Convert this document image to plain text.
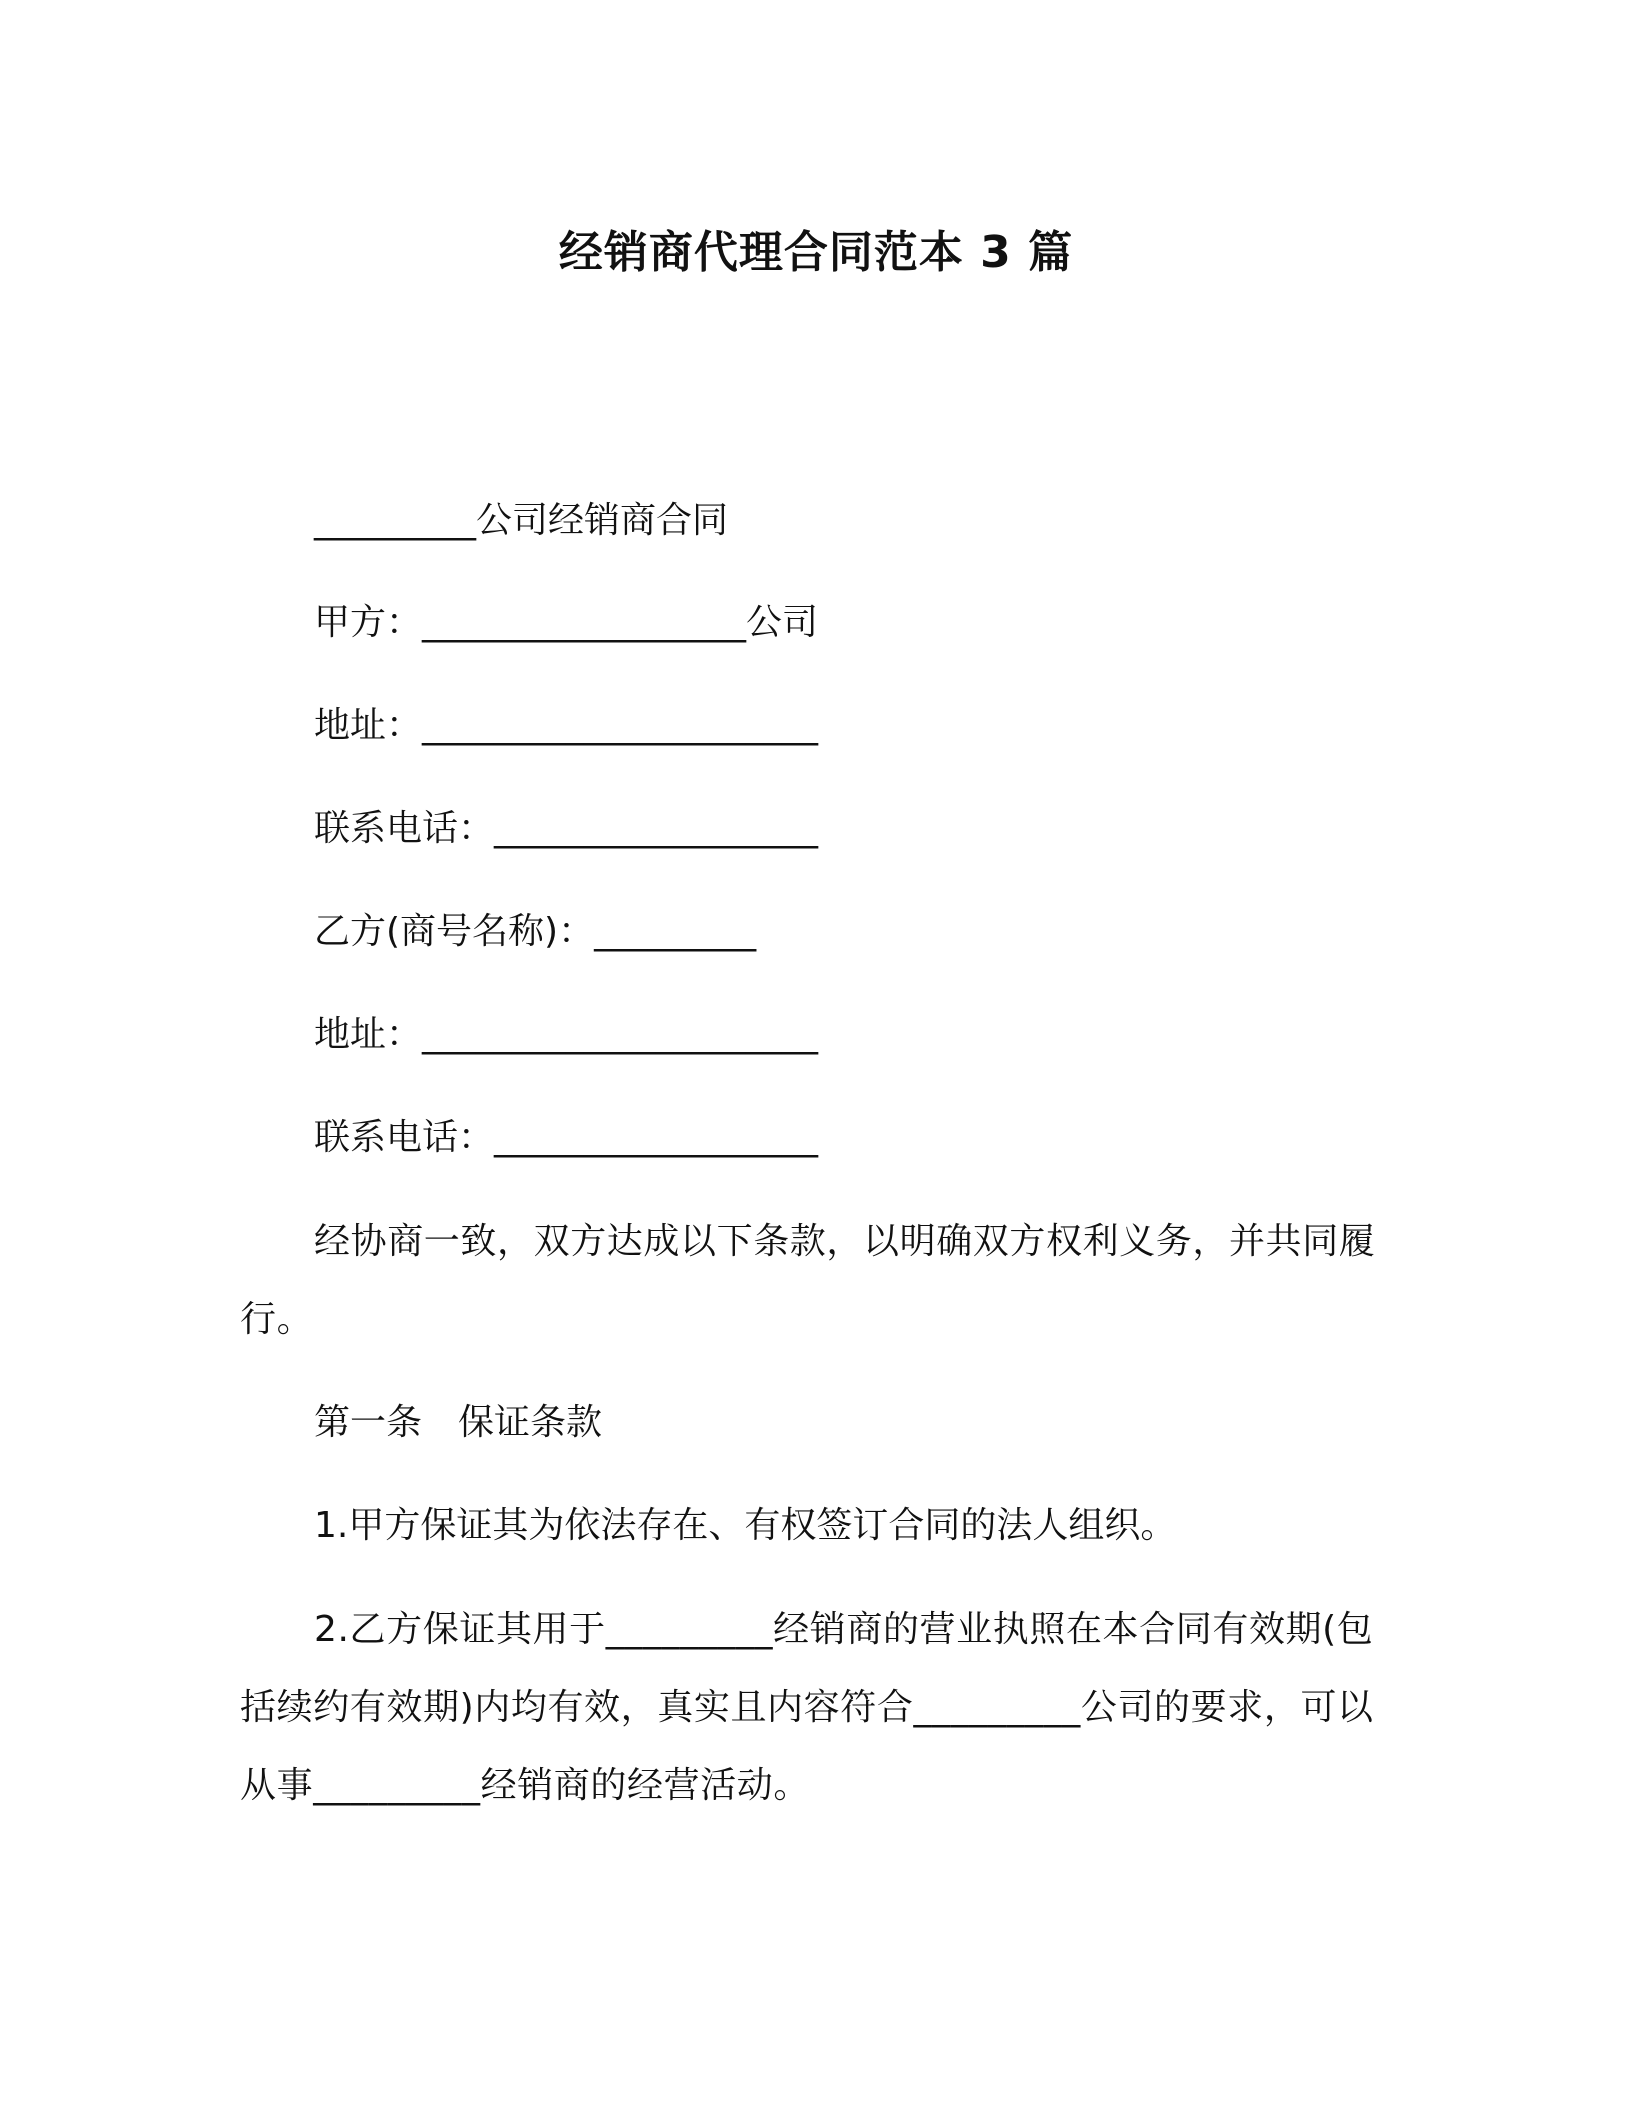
经销商代理合同范本 3 篇
_________公司经销商合同
甲方：__________________公司
地址：______________________
联系电话：__________________
乙方(商号名称)：_________
地址：______________________
联系电话：__________________
经协商一致，双方达成以下条款，以明确双方权利义务，并共同履行。
第一条　保证条款
1.甲方保证其为依法存在、有权签订合同的法人组织。
2.乙方保证其用于_________经销商的营业执照在本合同有效期(包括续约有效期)内均有效，真实且内容符合_________公司的要求，可以从事_________经销商的经营活动。
